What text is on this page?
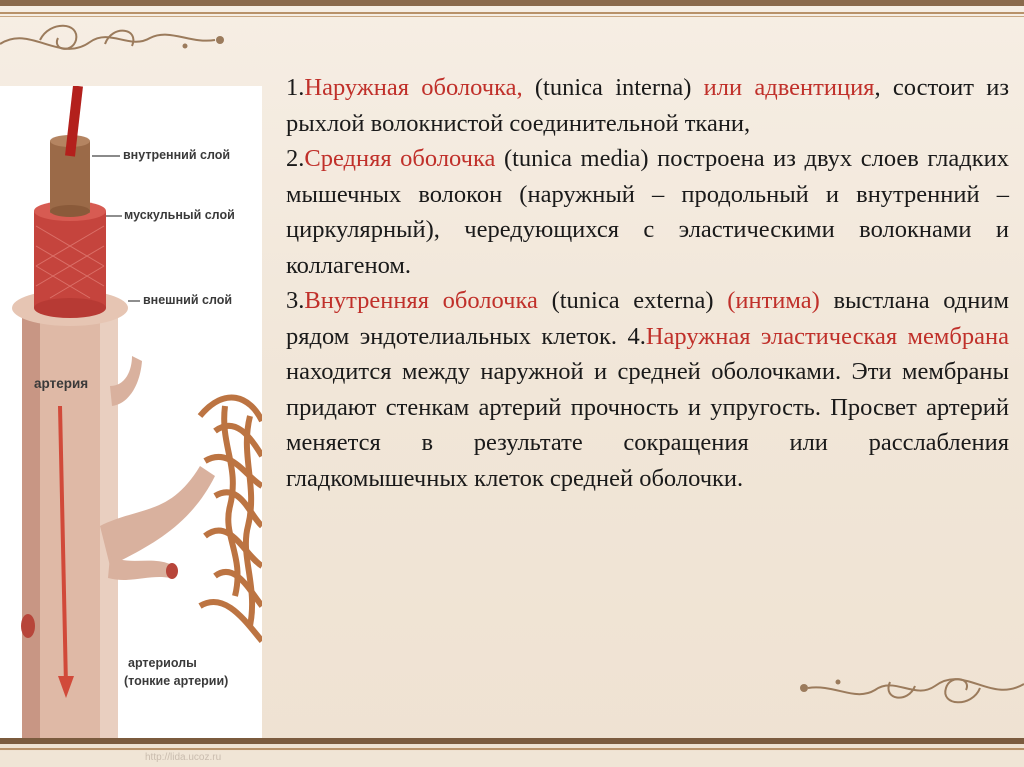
внутренний слой
мускульный слой
внешний слой
артерия
артериолы
(тонкие артерии)

1.Наружная оболочка, (tunica interna) или адвентиция, состоит из рыхлой волокнистой соединительной ткани,

2.Средняя оболочка (tunica media) построена из двух слоев гладких мышечных волокон (наружный – продольный и внутренний – циркулярный), чередующихся с эластическими волокнами и коллагеном.

3.Внутренняя оболочка (tunica externa) (интима) выстлана одним рядом эндотелиальных клеток. 4.Наружная эластическая мембрана находится между наружной и средней оболочками. Эти мембраны придают стенкам артерий прочность и упругость. Просвет артерий меняется в результате сокращения или расслабления гладкомышечных клеток средней оболочки.

http://lida.ucoz.ru
